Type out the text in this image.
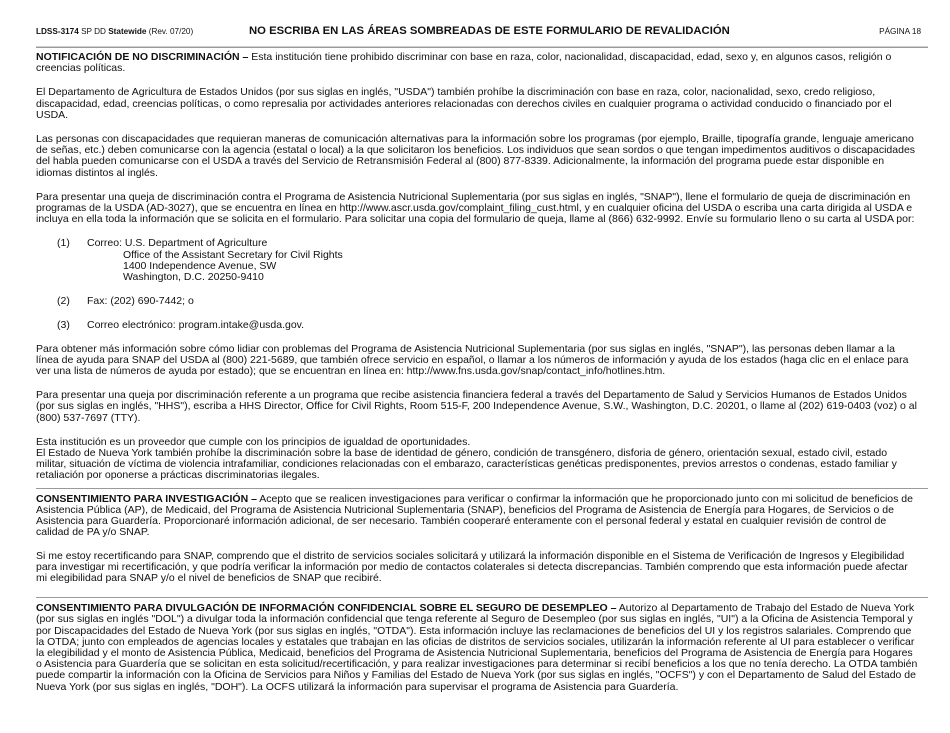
LDSS-3174 SP DD Statewide (Rev. 07/20)	NO ESCRIBA EN LAS ÁREAS SOMBREADAS DE ESTE FORMULARIO DE REVALIDACIÓN	PÁGINA 18

NOTIFICACIÓN DE NO DISCRIMINACIÓN – Esta institución tiene prohibido discriminar con base en raza, color, nacionalidad, discapacidad, edad, sexo y, en algunos casos, religión o creencias políticas.

El Departamento de Agricultura de Estados Unidos (por sus siglas en inglés, "USDA") también prohíbe la discriminación con base en raza, color, nacionalidad, sexo, credo religioso, discapacidad, edad, creencias políticas, o como represalia por actividades anteriores relacionadas con derechos civiles en cualquier programa o actividad conducido o financiado por el USDA.

Las personas con discapacidades que requieran maneras de comunicación alternativas para la información sobre los programas (por ejemplo, Braille, tipografía grande, lenguaje americano de señas, etc.) deben comunicarse con la agencia (estatal o local) a la que solicitaron los beneficios. Los individuos que sean sordos o que tengan impedimentos auditivos o discapacidades del habla pueden comunicarse con el USDA a través del Servicio de Retransmisión Federal al (800) 877-8339. Adicionalmente, la información del programa puede estar disponible en idiomas distintos al inglés.

Para presentar una queja de discriminación contra el Programa de Asistencia Nutricional Suplementaria (por sus siglas en inglés, "SNAP"), llene el formulario de queja de discriminación en programas de la USDA (AD-3027), que se encuentra en línea en http://www.ascr.usda.gov/complaint_filing_cust.html, y en cualquier oficina del USDA o escriba una carta dirigida al USDA e incluya en ella toda la información que se solicita en el formulario. Para solicitar una copia del formulario de queja, llame al (866) 632-9992. Envíe su formulario lleno o su carta al USDA por:

(1)	Correo: U.S. Department of Agriculture
Office of the Assistant Secretary for Civil Rights
1400 Independence Avenue, SW
Washington, D.C. 20250-9410
(2)	Fax: (202) 690-7442; o
(3)	Correo electrónico: program.intake@usda.gov.

Para obtener más información sobre cómo lidiar con problemas del Programa de Asistencia Nutricional Suplementaria (por sus siglas en inglés, "SNAP"), las personas deben llamar a la línea de ayuda para SNAP del USDA al (800) 221-5689, que también ofrece servicio en español, o llamar a los números de información y ayuda de los estados (haga clic en el enlace para ver una lista de números de ayuda por estado); que se encuentran en línea en: http://www.fns.usda.gov/snap/contact_info/hotlines.htm.

Para presentar una queja por discriminación referente a un programa que recibe asistencia financiera federal a través del Departamento de Salud y Servicios Humanos de Estados Unidos (por sus siglas en inglés, "HHS"), escriba a HHS Director, Office for Civil Rights, Room 515-F, 200 Independence Avenue, S.W., Washington, D.C. 20201, o llame al (202) 619-0403 (voz) o al (800) 537-7697 (TTY).

Esta institución es un proveedor que cumple con los principios de igualdad de oportunidades.

El Estado de Nueva York también prohíbe la discriminación sobre la base de identidad de género, condición de transgénero, disforia de género, orientación sexual, estado civil, estado militar, situación de víctima de violencia intrafamiliar, condiciones relacionadas con el embarazo, características genéticas predisponentes, previos arrestos o condenas, estado familiar y retaliación por oponerse a prácticas discriminatorias ilegales.

CONSENTIMIENTO PARA INVESTIGACIÓN – Acepto que se realicen investigaciones para verificar o confirmar la información que he proporcionado junto con mi solicitud de beneficios de Asistencia Pública (AP), de Medicaid, del Programa de Asistencia Nutricional Suplementaria (SNAP), beneficios del Programa de Asistencia de Energía para Hogares, de Servicios o de Asistencia para Guardería. Proporcionaré información adicional, de ser necesario. También cooperaré enteramente con el personal federal y estatal en cualquier revisión de control de calidad de PA y/o SNAP.

Si me estoy recertificando para SNAP, comprendo que el distrito de servicios sociales solicitará y utilizará la información disponible en el Sistema de Verificación de Ingresos y Elegibilidad para investigar mi recertificación, y que podría verificar la información por medio de contactos colaterales si detecta discrepancias. También comprendo que esta información puede afectar mi elegibilidad para SNAP y/o el nivel de beneficios de SNAP que recibiré.

CONSENTIMIENTO PARA DIVULGACIÓN DE INFORMACIÓN CONFIDENCIAL SOBRE EL SEGURO DE DESEMPLEO – Autorizo al Departamento de Trabajo del Estado de Nueva York (por sus siglas en inglés "DOL") a divulgar toda la información confidencial que tenga referente al Seguro de Desempleo (por sus siglas en inglés, "UI") a la Oficina de Asistencia Temporal y por Discapacidades del Estado de Nueva York (por sus siglas en inglés, "OTDA"). Esta información incluye las reclamaciones de beneficios del UI y los registros salariales. Comprendo que la OTDA; junto con empleados de agencias locales y estatales que trabajan en las oficias de distritos de servicios sociales, utilizarán la información referente al UI para establecer o verificar la elegibilidad y el monto de Asistencia Pública, Medicaid, beneficios del Programa de Asistencia Nutricional Suplementaria, beneficios del Programa de Asistencia de Energía para Hogares o Asistencia para Guardería que se solicitan en esta solicitud/recertificación, y para realizar investigaciones para determinar si recibí beneficios a los que no tenía derecho. La OTDA también puede compartir la información con la Oficina de Servicios para Niños y Familias del Estado de Nueva York (por sus siglas en inglés, "OCFS") y con el Departamento de Salud del Estado de Nueva York (por sus siglas en inglés, "DOH"). La OCFS utilizará la información para supervisar el programa de Asistencia para Guardería.
